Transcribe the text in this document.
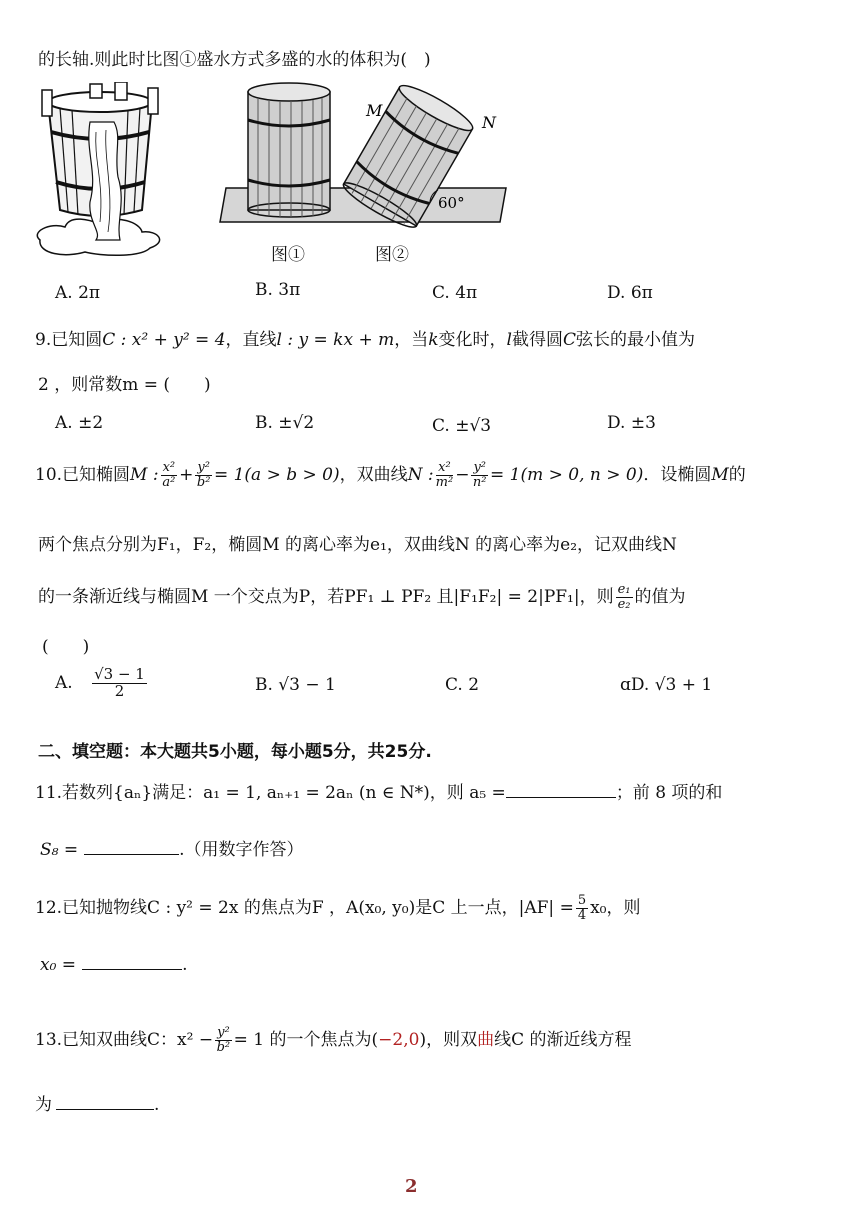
的长轴.则此时比图①盛水方式多盛的水的体积为(　)
60°
M
N
图①	图②
A. 2π	B. 3π	C. 4π	D. 6π
9.已知圆C : x² + y² = 4，直线l : y = kx + m，当k变化时，l截得圆C弦长的最小值为
2 ，则常数m = (　　)
A. ±2	B. ±√2	C. ±√3	D. ±3
10.已知椭圆M : $\frac{\text{x²}}{\text{a²}} + \frac{\text{y²}}{\text{b²}} = 1(a > b > 0)$，双曲线N : $\frac{\text{x²}}{\text{m²}} - \frac{\text{y²}}{\text{n²}} = 1(m > 0$, n > 0)．设椭圆M的
两个焦点分别为F₁，F₂，椭圆M 的离心率为e₁，双曲线N 的离心率为e₂，记双曲线N
的一条渐近线与椭圆M 一个交点为P，若PF₁ ⊥ PF₂ 且|F₁F₂| = 2|PF₁|，则 $\frac{\text{e₁}}{\text{e₂}}$ 的值为
(　　)
A. $\frac{√3 - 1}{2}$	B. √3 − 1	C. 2	ɑD. √3 + 1
二、填空题：本大题共5小题，每小题5分，共25分.
11.若数列{aₙ}满足：a₁ = 1, aₙ₊₁ = 2aₙ (n ∈ N*)，则 a₅ =	；前 8 项的和
S₈ =	.（用数字作答）
12.已知抛物线C : y² = 2x 的焦点为F ，A(x₀, y₀)是C 上一点，$|AF| = \frac{5}{4} x_0$，则
x₀ =	.
13.已知双曲线C：$x^2 - \frac{\text{y²}}{\text{b²}} = 1$ 的一个焦点为(−2,0)，则双曲线C 的渐近线方程
为	.
2
